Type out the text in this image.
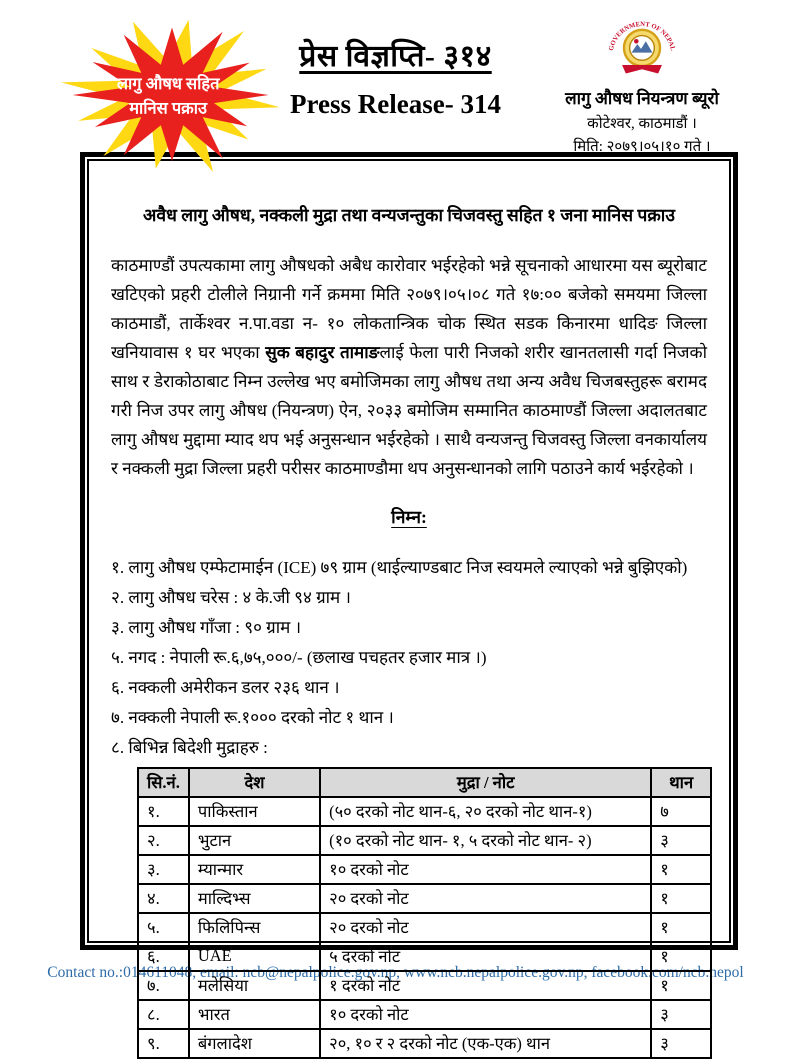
लागु औषध सहित
मानिस पक्राउ
प्रेस विज्ञप्ति- ३१४
Press Release- 314
GOVERNMENT OF NEPAL
लागु औषध नियन्त्रण ब्यूरो
कोटेश्वर, काठमाडौं ।
मिति: २०७९।०५।१० गते ।
अवैध लागु औषध, नक्कली मुद्रा तथा वन्यजन्तुका चिजवस्तु सहित १ जना मानिस पक्राउ
काठमाण्डौं उपत्यकामा लागु औषधको अबैध कारोवार भईरहेको भन्ने सूचनाको आधारमा यस ब्यूरोबाट खटिएको प्रहरी टोलीले निग्रानी गर्ने क्रममा मिति २०७९।०५।०८ गते १७:०० बजेको समयमा जिल्ला काठमाडौं, तार्केश्वर न.पा.वडा न- १० लोकतान्त्रिक चोक स्थित सडक किनारमा धादिङ जिल्ला खनियावास १ घर भएका सुक बहादुर तामाङलाई फेला पारी निजको शरीर खानतलासी गर्दा निजको साथ र डेराकोठाबाट निम्न उल्लेख भए बमोजिमका लागु औषध तथा अन्य अवैध चिजबस्तुहरू बरामद गरी निज उपर लागु औषध (नियन्त्रण) ऐन, २०३३ बमोजिम सम्मानित काठमाण्डौं जिल्ला अदालतबाट लागु औषध मुद्दामा म्याद थप भई अनुसन्धान भईरहेको । साथै वन्यजन्तु चिजवस्तु जिल्ला वनकार्यालय र नक्कली मुद्रा जिल्ला प्रहरी परीसर काठमाण्डौमा थप अनुसन्धानको लागि पठाउने कार्य भईरहेको ।
निम्न:
१. लागु औषध एम्फेटामाईन (ICE) ७९ ग्राम (थाईल्याण्डबाट निज स्वयमले ल्याएको भन्ने बुझिएको)
२. लागु औषध चरेस : ४ के.जी ९४ ग्राम ।
३. लागु औषध गाँजा : ९० ग्राम ।
५. नगद : नेपाली रू.६,७५,०००/- (छलाख पचहतर हजार मात्र ।)
६. नक्कली अमेरीकन डलर २३६ थान ।
७. नक्कली नेपाली रू.१००० दरको नोट १ थान ।
८. बिभिन्न बिदेशी मुद्राहरु :
सि.नं.	देश	मुद्रा / नोट	थान
१.	पाकिस्तान	(५० दरको नोट थान-६, २० दरको नोट थान-१)	७
२.	भुटान	(१० दरको नोट थान- १, ५ दरको नोट थान- २)	३
३.	म्यान्मार	१० दरको नोट	१
४.	माल्दिभ्स	२० दरको नोट	१
५.	फिलिपिन्स	२० दरको नोट	१
६.	UAE	५ दरको नोट	१
७.	मलेसिया	१ दरको नोट	१
८.	भारत	१० दरको नोट	३
९.	बंगलादेश	२०, १० र २ दरको नोट (एक-एक) थान	३
Contact no.:014611048, email: ncb@nepalpolice.gov.np, www.ncb.nepalpolice.gov.np, facebook.com/ncb.nepol
